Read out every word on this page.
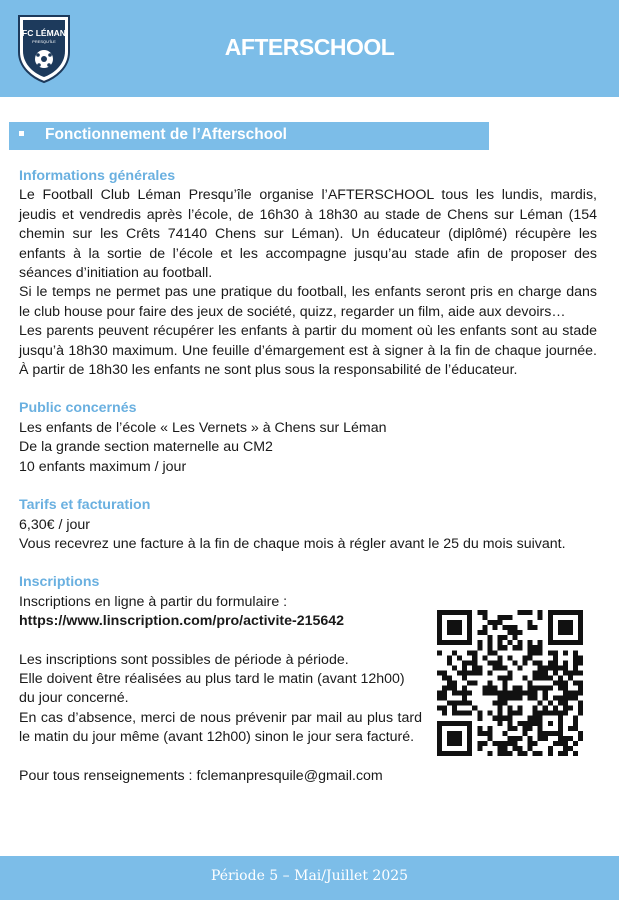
FC LÉMAN
PRESQU'ÎLE	AFTERSCHOOL
Fonctionnement de l’Afterschool
Informations générales
Le Football Club Léman Presqu’île organise l’AFTERSCHOOL tous les lundis, mardis, jeudis et vendredis après l’école, de 16h30 à 18h30 au stade de Chens sur Léman (154 chemin sur les Crêts 74140 Chens sur Léman). Un éducateur (diplômé) récupère les enfants à la sortie de l’école et les accompagne jusqu’au stade afin de proposer des séances d’initiation au football.
Si le temps ne permet pas une pratique du football, les enfants seront pris en charge dans le club house pour faire des jeux de société, quizz, regarder un film, aide aux devoirs…
Les parents peuvent récupérer les enfants à partir du moment où les enfants sont au stade jusqu’à 18h30 maximum. Une feuille d’émargement est à signer à la fin de chaque journée. À partir de 18h30 les enfants ne sont plus sous la responsabilité de l’éducateur.
Public concernés
Les enfants de l’école « Les Vernets » à Chens sur Léman
De la grande section maternelle au CM2
10 enfants maximum / jour
Tarifs et facturation
6,30€ / jour
Vous recevrez une facture à la fin de chaque mois à régler avant le 25 du mois suivant.
Inscriptions
Inscriptions en ligne à partir du formulaire :
https://www.linscription.com/pro/activite-215642
Les inscriptions sont possibles de période à période.
Elle doivent être réalisées au plus tard le matin (avant 12h00) du jour concerné.
En cas d’absence, merci de nous prévenir par mail au plus tard le matin du jour même (avant 12h00) sinon le jour sera facturé.
Pour tous renseignements : fclemanpresquile@gmail.com
Période 5 – Mai/Juillet 2025
